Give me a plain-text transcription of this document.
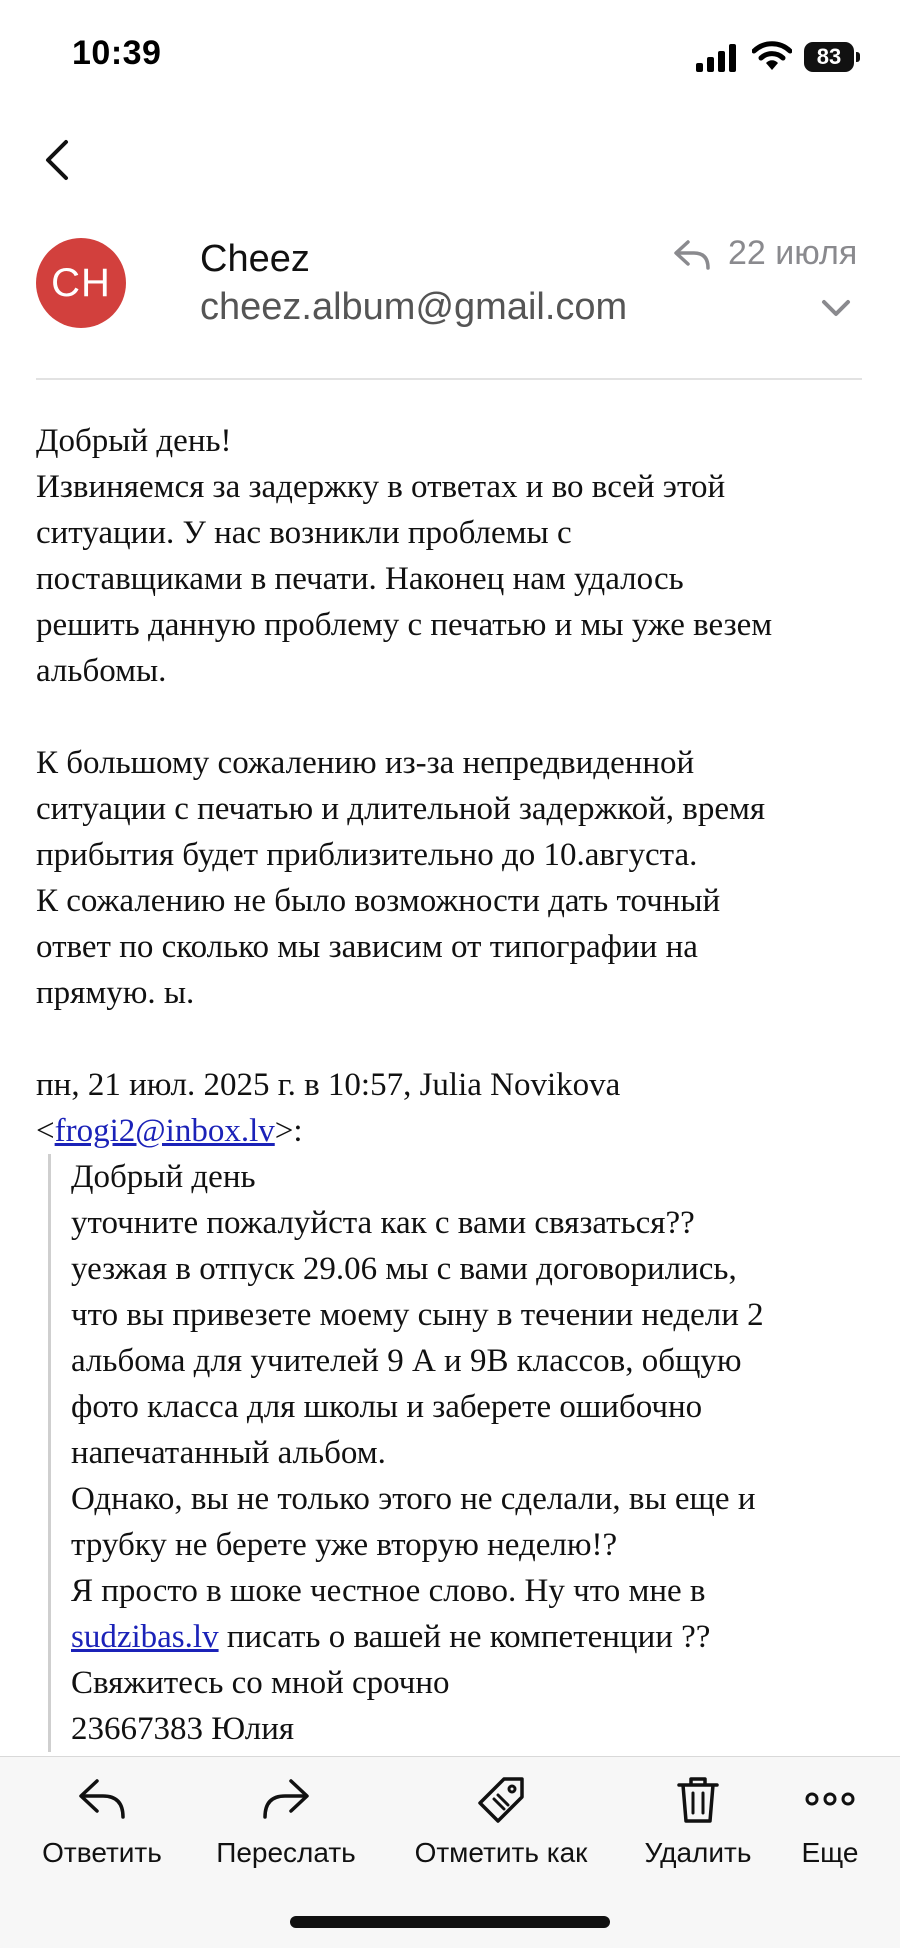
10:39	83
CH
Cheez
cheez.album@gmail.com
22 июля
Добрый день!
Извиняемся за задержку в ответах и во всей этой
ситуации. У нас возникли проблемы с
поставщиками в печати. Наконец нам удалось
решить данную проблему с печатью и мы уже везем
альбомы.
К большому сожалению из-за непредвиденной
ситуации с печатью и длительной задержкой, время
прибытия будет приблизительно до 10.августа.
К сожалению не было возможности дать точный
ответ по сколько мы зависим от типографии на
прямую. ы.
пн, 21 июл. 2025 г. в 10:57, Julia Novikova
<frogi2@inbox.lv>:
Добрый день
уточните пожалуйста как с вами связаться??
уезжая в отпуск 29.06 мы с вами договорились,
что вы привезете моему сыну в течении недели 2
альбома для учителей 9 А и 9В классов, общую
фото класса для школы и заберете ошибочно
напечатанный альбом.
Однако, вы не только этого не сделали, вы еще и
трубку не берете уже вторую неделю!?
Я просто в шоке честное слово. Ну что мне в
sudzibas.lv писать о вашей не компетенции ??
Свяжитесь со мной срочно
23667383 Юлия
Ответить	Переслать	Отметить как	Удалить	Еще
